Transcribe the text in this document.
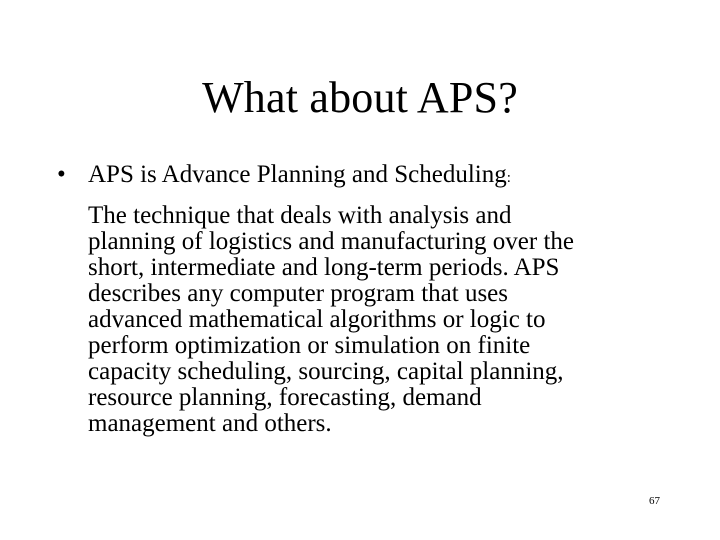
What about APS?
• APS is Advance Planning and Scheduling:
The technique that deals with analysis and
planning of logistics and manufacturing over the
short, intermediate and long-term periods. APS
describes any computer program that uses
advanced mathematical algorithms or logic to
perform optimization or simulation on finite
capacity scheduling, sourcing, capital planning,
resource planning, forecasting, demand
management and others.
67
